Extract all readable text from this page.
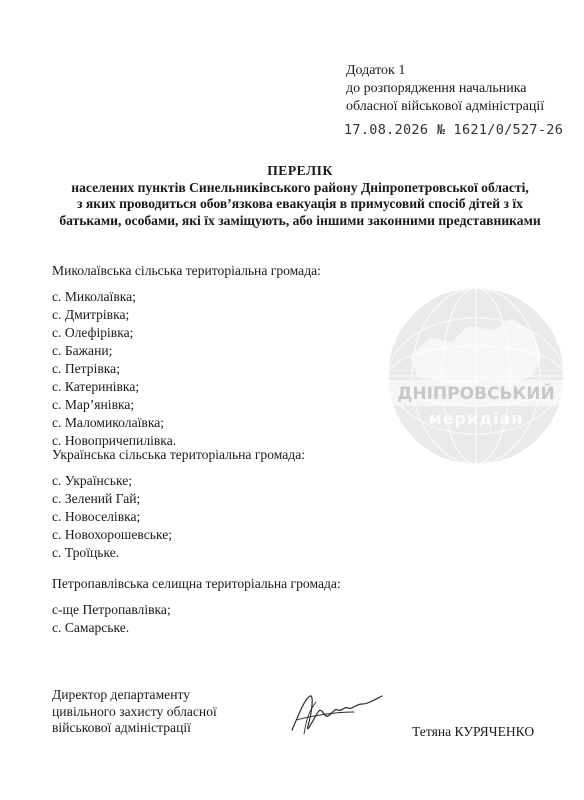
Додаток 1
до розпорядження начальника
обласної військової адміністрації
17.08.2026 № 1621/0/527-26
ПЕРЕЛІК
населених пунктів Синельниківського району Дніпропетровської області,
з яких проводиться обов’язкова евакуація в примусовий спосіб дітей з їх
батьками, особами, які їх заміщують, або іншими законними представниками
Миколаївська сільська територіальна громада:
с. Миколаївка;
с. Дмитрівка;
с. Олефірівка;
с. Бажани;
с. Петрівка;
с. Катеринівка;
с. Мар’янівка;
с. Маломиколаївка;
с. Новопричепилівка.
Українська сільська територіальна громада:
с. Українське;
с. Зелений Гай;
с. Новоселівка;
с. Новохорошевське;
с. Троїцьке.
Петропавлівська селищна територіальна громада:
с-ще Петропавлівка;
с. Самарське.
Директор департаменту
цивільного захисту обласної
військової адміністрації	Тетяна КУРЯЧЕНКО
ДНІПРОВСЬКИЙ
меридіан
